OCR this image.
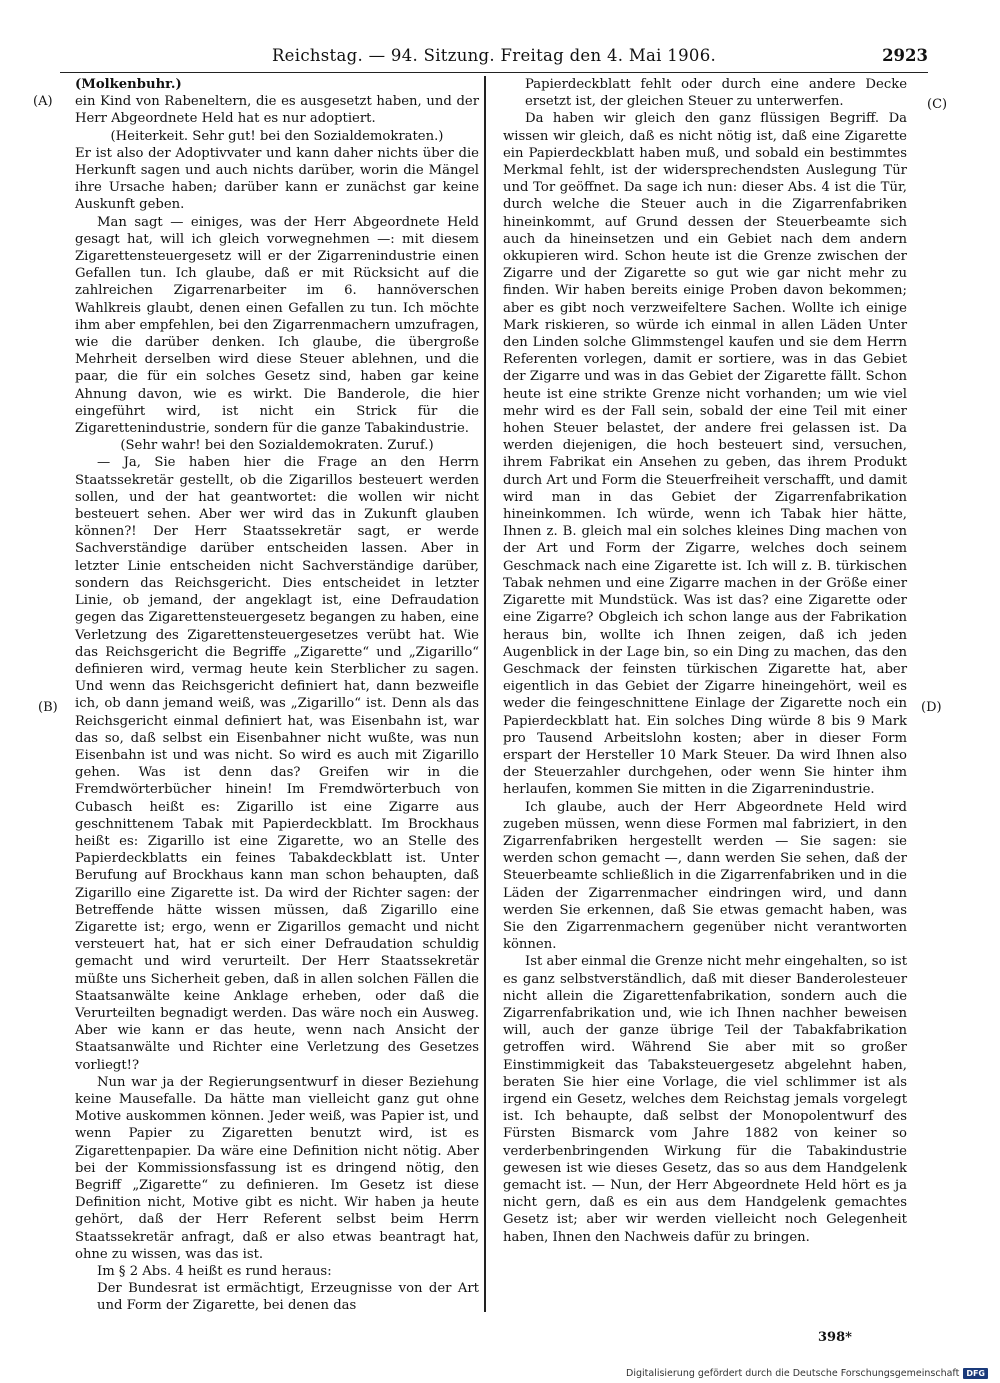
Reichstag. — 94. Sitzung. Freitag den 4. Mai 1906.	2923
(A)
(B)
(C)
(D)

(Molkenbuhr.)

ein Kind von Rabeneltern, die es ausgesetzt haben, und der Herr Abgeordnete Held hat es nur adoptiert.

(Heiterkeit. Sehr gut! bei den Sozialdemokraten.)

Er ist also der Adoptivvater und kann daher nichts über die Herkunft sagen und auch nichts darüber, worin die Mängel ihre Ursache haben; darüber kann er zunächst gar keine Auskunft geben.

Man sagt — einiges, was der Herr Abgeordnete Held gesagt hat, will ich gleich vorwegnehmen —: mit diesem Zigarettensteuergesetz will er der Zigarrenindustrie einen Gefallen tun. Ich glaube, daß er mit Rücksicht auf die zahlreichen Zigarrenarbeiter im 6. hannöverschen Wahlkreis glaubt, denen einen Gefallen zu tun. Ich möchte ihm aber empfehlen, bei den Zigarrenmachern umzufragen, wie die darüber denken. Ich glaube, die übergroße Mehrheit derselben wird diese Steuer ablehnen, und die paar, die für ein solches Gesetz sind, haben gar keine Ahnung davon, wie es wirkt. Die Banderole, die hier eingeführt wird, ist nicht ein Strick für die Zigarettenindustrie, sondern für die ganze Tabakindustrie.

(Sehr wahr! bei den Sozialdemokraten. Zuruf.)

— Ja, Sie haben hier die Frage an den Herrn Staatssekretär gestellt, ob die Zigarillos besteuert werden sollen, und der hat geantwortet: die wollen wir nicht besteuert sehen. Aber wer wird das in Zukunft glauben können?! Der Herr Staatssekretär sagt, er werde Sachverständige darüber entscheiden lassen. Aber in letzter Linie entscheiden nicht Sachverständige darüber, sondern das Reichsgericht. Dies entscheidet in letzter Linie, ob jemand, der angeklagt ist, eine Defraudation gegen das Zigarettensteuergesetz begangen zu haben, eine Verletzung des Zigarettensteuergesetzes verübt hat. Wie das Reichsgericht die Begriffe „Zigarette“ und „Zigarillo“ definieren wird, vermag heute kein Sterblicher zu sagen. Und wenn das Reichsgericht definiert hat, dann bezweifle ich, ob dann jemand weiß, was „Zigarillo“ ist. Denn als das Reichsgericht einmal definiert hat, was Eisenbahn ist, war das so, daß selbst ein Eisenbahner nicht wußte, was nun Eisenbahn ist und was nicht. So wird es auch mit Zigarillo gehen. Was ist denn das? Greifen wir in die Fremdwörterbücher hinein! Im Fremdwörterbuch von Cubasch heißt es: Zigarillo ist eine Zigarre aus geschnittenem Tabak mit Papierdeckblatt. Im Brockhaus heißt es: Zigarillo ist eine Zigarette, wo an Stelle des Papierdeckblatts ein feines Tabakdeckblatt ist. Unter Berufung auf Brockhaus kann man schon behaupten, daß Zigarillo eine Zigarette ist. Da wird der Richter sagen: der Betreffende hätte wissen müssen, daß Zigarillo eine Zigarette ist; ergo, wenn er Zigarillos gemacht und nicht versteuert hat, hat er sich einer Defraudation schuldig gemacht und wird verurteilt. Der Herr Staatssekretär müßte uns Sicherheit geben, daß in allen solchen Fällen die Staatsanwälte keine Anklage erheben, oder daß die Verurteilten begnadigt werden. Das wäre noch ein Ausweg. Aber wie kann er das heute, wenn nach Ansicht der Staatsanwälte und Richter eine Verletzung des Gesetzes vorliegt!?

Nun war ja der Regierungsentwurf in dieser Beziehung keine Mausefalle. Da hätte man vielleicht ganz gut ohne Motive auskommen können. Jeder weiß, was Papier ist, und wenn Papier zu Zigaretten benutzt wird, ist es Zigarettenpapier. Da wäre eine Definition nicht nötig. Aber bei der Kommissionsfassung ist es dringend nötig, den Begriff „Zigarette“ zu definieren. Im Gesetz ist diese Definition nicht, Motive gibt es nicht. Wir haben ja heute gehört, daß der Herr Referent selbst beim Herrn Staatssekretär anfragt, daß er also etwas beantragt hat, ohne zu wissen, was das ist.

Im § 2 Abs. 4 heißt es rund heraus:

Der Bundesrat ist ermächtigt, Erzeugnisse von der Art und Form der Zigarette, bei denen das

Papierdeckblatt fehlt oder durch eine andere Decke ersetzt ist, der gleichen Steuer zu unterwerfen.

Da haben wir gleich den ganz flüssigen Begriff. Da wissen wir gleich, daß es nicht nötig ist, daß eine Zigarette ein Papierdeckblatt haben muß, und sobald ein bestimmtes Merkmal fehlt, ist der widersprechendsten Auslegung Tür und Tor geöffnet. Da sage ich nun: dieser Abs. 4 ist die Tür, durch welche die Steuer auch in die Zigarrenfabriken hineinkommt, auf Grund dessen der Steuerbeamte sich auch da hineinsetzen und ein Gebiet nach dem andern okkupieren wird. Schon heute ist die Grenze zwischen der Zigarre und der Zigarette so gut wie gar nicht mehr zu finden. Wir haben bereits einige Proben davon bekommen; aber es gibt noch verzweifeltere Sachen. Wollte ich einige Mark riskieren, so würde ich einmal in allen Läden Unter den Linden solche Glimmstengel kaufen und sie dem Herrn Referenten vorlegen, damit er sortiere, was in das Gebiet der Zigarre und was in das Gebiet der Zigarette fällt. Schon heute ist eine strikte Grenze nicht vorhanden; um wie viel mehr wird es der Fall sein, sobald der eine Teil mit einer hohen Steuer belastet, der andere frei gelassen ist. Da werden diejenigen, die hoch besteuert sind, versuchen, ihrem Fabrikat ein Ansehen zu geben, das ihrem Produkt durch Art und Form die Steuerfreiheit verschafft, und damit wird man in das Gebiet der Zigarrenfabrikation hineinkommen. Ich würde, wenn ich Tabak hier hätte, Ihnen z. B. gleich mal ein solches kleines Ding machen von der Art und Form der Zigarre, welches doch seinem Geschmack nach eine Zigarette ist. Ich will z. B. türkischen Tabak nehmen und eine Zigarre machen in der Größe einer Zigarette mit Mundstück. Was ist das? eine Zigarette oder eine Zigarre? Obgleich ich schon lange aus der Fabrikation heraus bin, wollte ich Ihnen zeigen, daß ich jeden Augenblick in der Lage bin, so ein Ding zu machen, das den Geschmack der feinsten türkischen Zigarette hat, aber eigentlich in das Gebiet der Zigarre hineingehört, weil es weder die feingeschnittene Einlage der Zigarette noch ein Papierdeckblatt hat. Ein solches Ding würde 8 bis 9 Mark pro Tausend Arbeitslohn kosten; aber in dieser Form erspart der Hersteller 10 Mark Steuer. Da wird Ihnen also der Steuerzahler durchgehen, oder wenn Sie hinter ihm herlaufen, kommen Sie mitten in die Zigarrenindustrie.

Ich glaube, auch der Herr Abgeordnete Held wird zugeben müssen, wenn diese Formen mal fabriziert, in den Zigarrenfabriken hergestellt werden — Sie sagen: sie werden schon gemacht —, dann werden Sie sehen, daß der Steuerbeamte schließlich in die Zigarrenfabriken und in die Läden der Zigarrenmacher eindringen wird, und dann werden Sie erkennen, daß Sie etwas gemacht haben, was Sie den Zigarrenmachern gegenüber nicht verantworten können.

Ist aber einmal die Grenze nicht mehr eingehalten, so ist es ganz selbstverständlich, daß mit dieser Banderolesteuer nicht allein die Zigarettenfabrikation, sondern auch die Zigarrenfabrikation und, wie ich Ihnen nachher beweisen will, auch der ganze übrige Teil der Tabakfabrikation getroffen wird. Während Sie aber mit so großer Einstimmigkeit das Tabaksteuergesetz abgelehnt haben, beraten Sie hier eine Vorlage, die viel schlimmer ist als irgend ein Gesetz, welches dem Reichstag jemals vorgelegt ist. Ich behaupte, daß selbst der Monopolentwurf des Fürsten Bismarck vom Jahre 1882 von keiner so verderbenbringenden Wirkung für die Tabakindustrie gewesen ist wie dieses Gesetz, das so aus dem Handgelenk gemacht ist. — Nun, der Herr Abgeordnete Held hört es ja nicht gern, daß es ein aus dem Handgelenk gemachtes Gesetz ist; aber wir werden vielleicht noch Gelegenheit haben, Ihnen den Nachweis dafür zu bringen.

398*
Digitalisierung gefördert durch die Deutsche Forschungsgemeinschaft DFG
